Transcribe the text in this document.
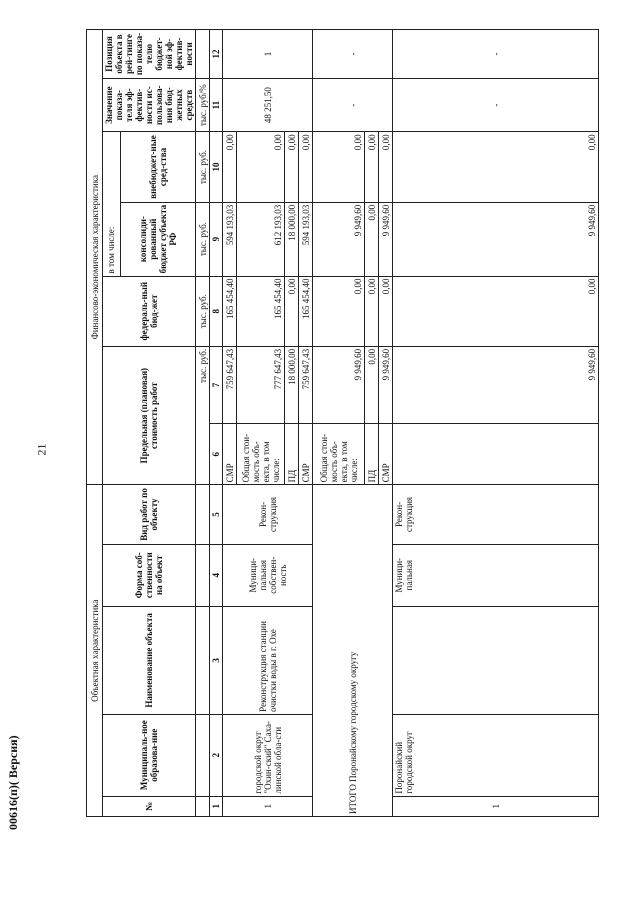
21
00616(п)( Версия)
Объектная характеристика					Финансово-экономическая характеристика						
№	Муниципаль-ное образова-ние	Наименование объекта	Форма соб-ственности на объект	Вид работ по объекту	Предельная (плановая) стоимость работ		федераль-ный бюд-жет	в том числе:		Значение показа-теля эф-фектив-ности ис-пользова-ния бюд-жетных средств	Позиция объекта в рей-тинге по показа-телю бюджет-ной эф-фектив-ности
								консолиди-рованный бюджет субъекта РФ	внебюджет-ные сред-ства		
					тыс. руб.		тыс. руб.	тыс. руб.	тыс. руб.	тыс. руб/%	
1	2	3	4	5	6	7	8	9	10	11	12
1	городской округ "Охин-ский" Саха-линской обла-сти	Реконструкция станции очистки воды в г. Охе	Муници-пальная собствен-ность	Рекон-струкция	СМР	759 647,43	165 454,40	594 193,03	0,00	48 251,50	1
					Общая стои-мость объ-екта, в том числе:	777 647,43	165 454,40	612 193,03	0,00		
					ПД	18 000,00	0,00	18 000,00	0,00		
					СМР	759 647,43	165 454,40	594 193,03	0,00		
ИТОГО Поронайскому городскому округу					Общая стои-мость объ-екта, в том числе:	9 949,60	0,00	9 949,60	0,00	-	-
					ПД	0,00	0,00	0,00	0,00		
					СМР	9 949,60	0,00	9 949,60	0,00		
1	Поронайский городской округ		Муници-пальная	Рекон-струкция		9 949,60	0,00	9 949,60	0,00	-	-
